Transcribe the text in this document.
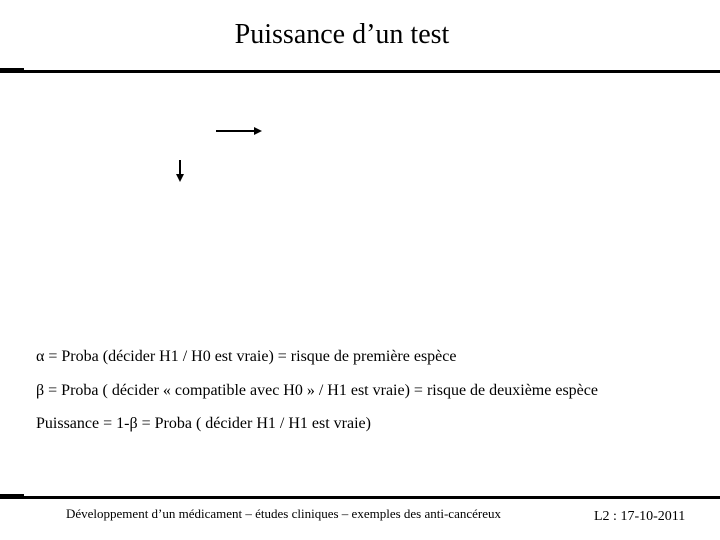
Puissance d’un test
α = Proba (décider H1 / H0 est vraie) = risque de première espèce
β = Proba ( décider « compatible avec H0 » / H1 est vraie) = risque de deuxième espèce
Puissance = 1-β = Proba ( décider H1 / H1 est vraie)
Développement d’un médicament – études cliniques – exemples des anti-cancéreux	L2 : 17-10-2011
